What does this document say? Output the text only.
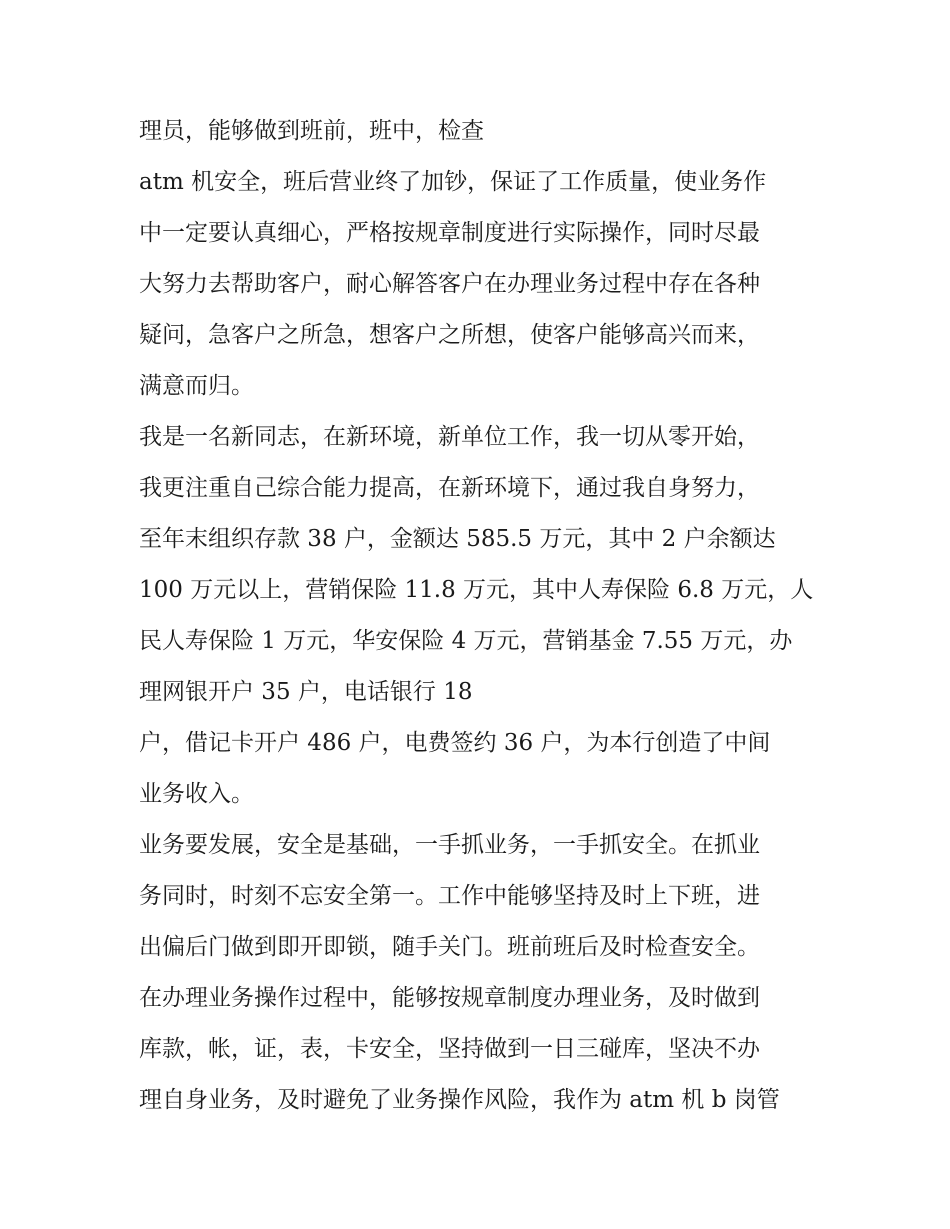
理员，能够做到班前，班中，检查
atm 机安全，班后营业终了加钞，保证了工作质量，使业务作
中一定要认真细心，严格按规章制度进行实际操作，同时尽最
大努力去帮助客户，耐心解答客户在办理业务过程中存在各种
疑问，急客户之所急，想客户之所想，使客户能够高兴而来，
满意而归。
我是一名新同志，在新环境，新单位工作，我一切从零开始，
我更注重自己综合能力提高，在新环境下，通过我自身努力，
至年末组织存款 38 户，金额达 585.5 万元，其中 2 户余额达
100 万元以上，营销保险 11.8 万元，其中人寿保险 6.8 万元，人
民人寿保险 1 万元，华安保险 4 万元，营销基金 7.55 万元，办
理网银开户 35 户，电话银行 18
户，借记卡开户 486 户，电费签约 36 户，为本行创造了中间
业务收入。
业务要发展，安全是基础，一手抓业务，一手抓安全。在抓业
务同时，时刻不忘安全第一。工作中能够坚持及时上下班，进
出偏后门做到即开即锁，随手关门。班前班后及时检查安全。
在办理业务操作过程中，能够按规章制度办理业务，及时做到
库款，帐，证，表，卡安全，坚持做到一日三碰库，坚决不办
理自身业务，及时避免了业务操作风险，我作为 atm 机 b 岗管
